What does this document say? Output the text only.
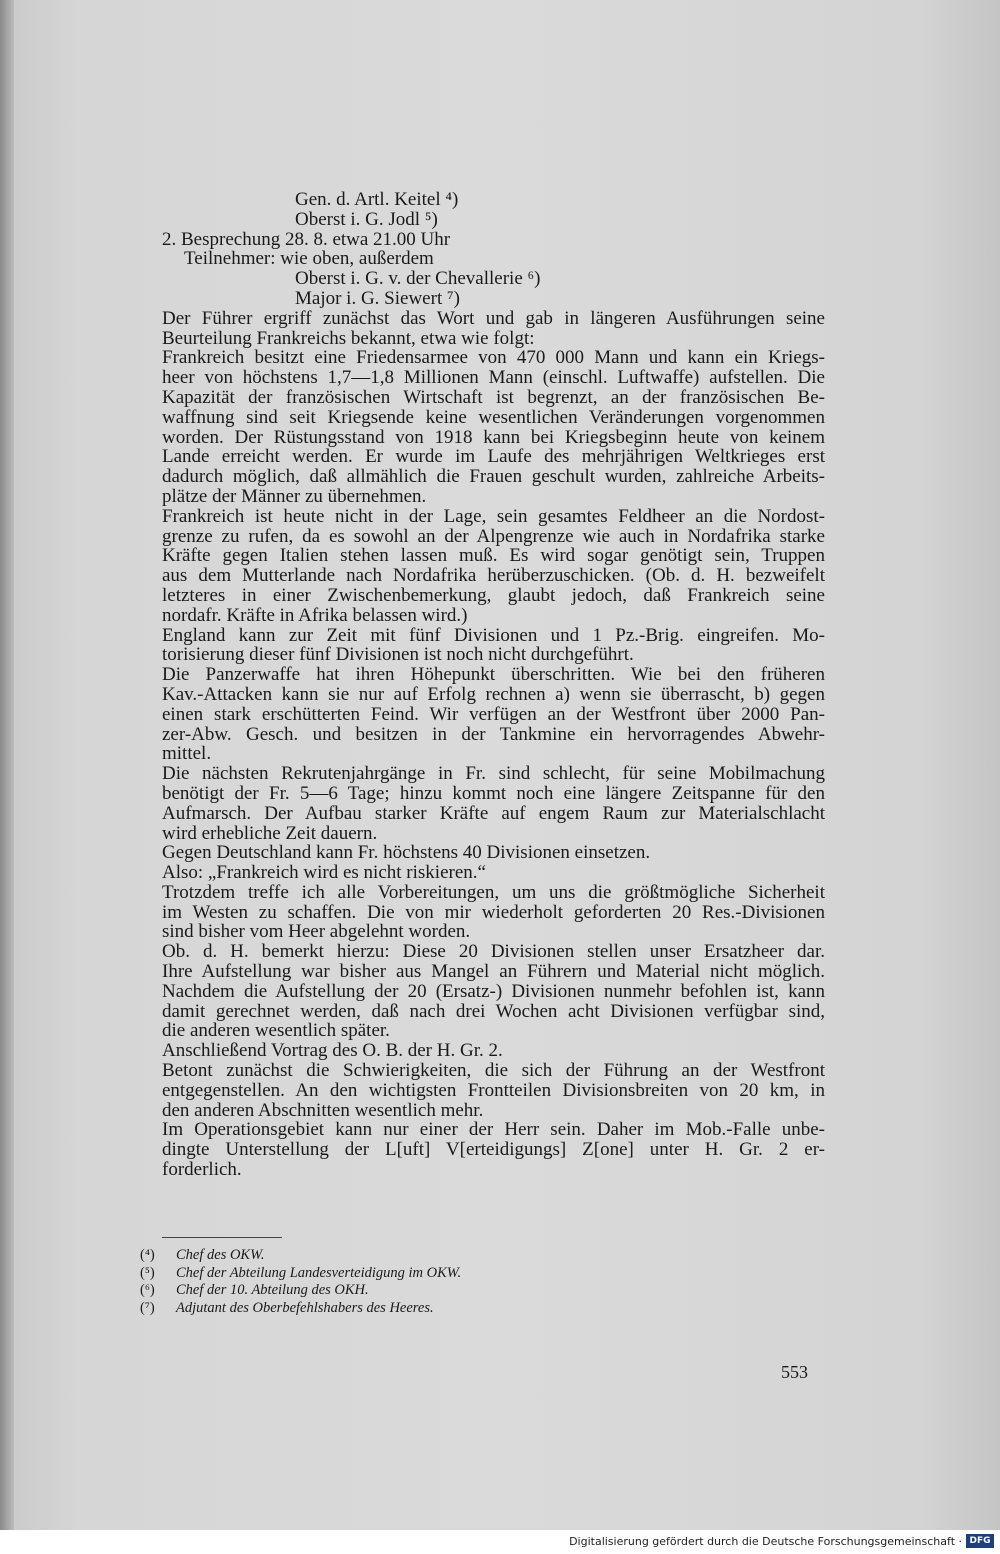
Gen. d. Artl. Keitel ⁴)
Oberst i. G. Jodl ⁵)
2. Besprechung 28. 8. etwa 21.00 Uhr
Teilnehmer: wie oben, außerdem
Oberst i. G. v. der Chevallerie ⁶)
Major i. G. Siewert ⁷)
Der Führer ergriff zunächst das Wort und gab in längeren Ausführungen seine
Beurteilung Frankreichs bekannt, etwa wie folgt:
Frankreich besitzt eine Friedensarmee von 470 000 Mann und kann ein Kriegs-
heer von höchstens 1,7—1,8 Millionen Mann (einschl. Luftwaffe) aufstellen. Die
Kapazität der französischen Wirtschaft ist begrenzt, an der französischen Be-
waffnung sind seit Kriegsende keine wesentlichen Veränderungen vorgenommen
worden. Der Rüstungsstand von 1918 kann bei Kriegsbeginn heute von keinem
Lande erreicht werden. Er wurde im Laufe des mehrjährigen Weltkrieges erst
dadurch möglich, daß allmählich die Frauen geschult wurden, zahlreiche Arbeits-
plätze der Männer zu übernehmen.
Frankreich ist heute nicht in der Lage, sein gesamtes Feldheer an die Nordost-
grenze zu rufen, da es sowohl an der Alpengrenze wie auch in Nordafrika starke
Kräfte gegen Italien stehen lassen muß. Es wird sogar genötigt sein, Truppen
aus dem Mutterlande nach Nordafrika herüberzuschicken. (Ob. d. H. bezweifelt
letzteres in einer Zwischenbemerkung, glaubt jedoch, daß Frankreich seine
nordafr. Kräfte in Afrika belassen wird.)
England kann zur Zeit mit fünf Divisionen und 1 Pz.-Brig. eingreifen. Mo-
torisierung dieser fünf Divisionen ist noch nicht durchgeführt.
Die Panzerwaffe hat ihren Höhepunkt überschritten. Wie bei den früheren
Kav.-Attacken kann sie nur auf Erfolg rechnen a) wenn sie überrascht, b) gegen
einen stark erschütterten Feind. Wir verfügen an der Westfront über 2000 Pan-
zer-Abw. Gesch. und besitzen in der Tankmine ein hervorragendes Abwehr-
mittel.
Die nächsten Rekrutenjahrgänge in Fr. sind schlecht, für seine Mobilmachung
benötigt der Fr. 5—6 Tage; hinzu kommt noch eine längere Zeitspanne für den
Aufmarsch. Der Aufbau starker Kräfte auf engem Raum zur Materialschlacht
wird erhebliche Zeit dauern.
Gegen Deutschland kann Fr. höchstens 40 Divisionen einsetzen.
Also: „Frankreich wird es nicht riskieren.“
Trotzdem treffe ich alle Vorbereitungen, um uns die größtmögliche Sicherheit
im Westen zu schaffen. Die von mir wiederholt geforderten 20 Res.-Divisionen
sind bisher vom Heer abgelehnt worden.
Ob. d. H. bemerkt hierzu: Diese 20 Divisionen stellen unser Ersatzheer dar.
Ihre Aufstellung war bisher aus Mangel an Führern und Material nicht möglich.
Nachdem die Aufstellung der 20 (Ersatz-) Divisionen nunmehr befohlen ist, kann
damit gerechnet werden, daß nach drei Wochen acht Divisionen verfügbar sind,
die anderen wesentlich später.
Anschließend Vortrag des O. B. der H. Gr. 2.
Betont zunächst die Schwierigkeiten, die sich der Führung an der Westfront
entgegenstellen. An den wichtigsten Frontteilen Divisionsbreiten von 20 km, in
den anderen Abschnitten wesentlich mehr.
Im Operationsgebiet kann nur einer der Herr sein. Daher im Mob.-Falle unbe-
dingte Unterstellung der L[uft] V[erteidigungs] Z[one] unter H. Gr. 2 er-
forderlich.
(⁴) Chef des OKW.
(⁵) Chef der Abteilung Landesverteidigung im OKW.
(⁶) Chef der 10. Abteilung des OKH.
(⁷) Adjutant des Oberbefehlshabers des Heeres.
553
Digitalisierung gefördert durch die Deutsche Forschungsgemeinschaft · DFG
